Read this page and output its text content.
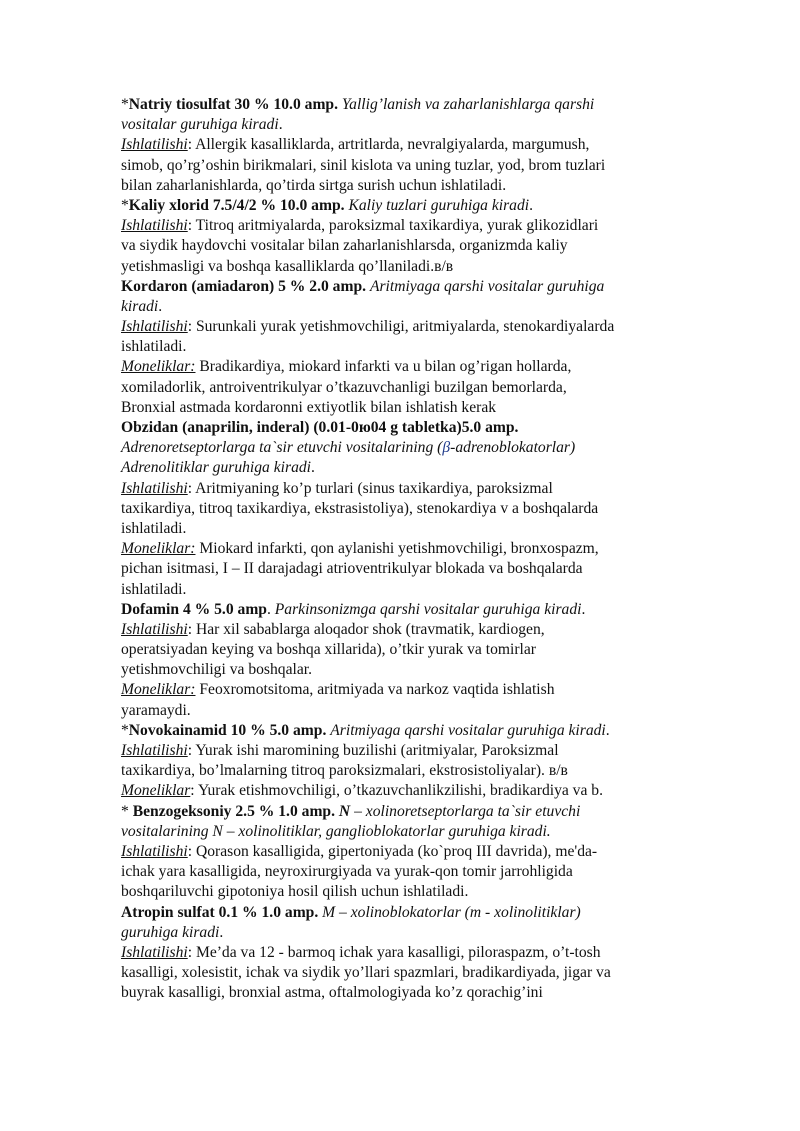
*Natriy tiosulfat 30 % 10.0 amp. Yallig’lanish va zaharlanishlarga qarshi
vositalar guruhiga kiradi.
Ishlatilishi: Allergik kasalliklarda, artritlarda, nevralgiyalarda, margumush,
simob, qo’rg’oshin birikmalari, sinil kislota va uning tuzlar, yod, brom tuzlari
bilan zaharlanishlarda, qo’tirda sirtga surish uchun ishlatiladi.
*Kaliy xlorid 7.5/4/2 % 10.0 amp. Kaliy tuzlari guruhiga kiradi.
Ishlatilishi: Titroq aritmiyalarda, paroksizmal taxikardiya, yurak glikozidlari
va siydik haydovchi vositalar bilan zaharlanishlarsda, organizmda kaliy
yetishmasligi va boshqa kasalliklarda qo’llaniladi.в/в
Kordaron (amiadaron) 5 % 2.0 amp. Aritmiyaga qarshi vositalar guruhiga
kiradi.
Ishlatilishi: Surunkali yurak yetishmovchiligi, aritmiyalarda, stenokardiyalarda
ishlatiladi.
Moneliklar: Bradikardiya, miokard infarkti va u bilan og’rigan hollarda,
xomiladorlik, antroiventrikulyar o’tkazuvchanligi buzilgan bemorlarda,
Bronxial astmada kordaronni extiyotlik bilan ishlatish kerak
Obzidan (anaprilin, inderal) (0.01-0ю04 g tabletka)5.0 amp.
Adrenoretseptorlarga ta`sir etuvchi vositalarining (β-adrenoblokatorlar)
Adrenolitiklar guruhiga kiradi.
Ishlatilishi: Aritmiyaning ko’p turlari (sinus taxikardiya, paroksizmal
taxikardiya, titroq taxikardiya, ekstrasistoliya), stenokardiya v a boshqalarda
ishlatiladi.
Moneliklar: Miokard infarkti, qon aylanishi yetishmovchiligi, bronxospazm,
pichan isitmasi, I – II darajadagi atrioventrikulyar blokada va boshqalarda
ishlatiladi.
Dofamin 4 % 5.0 amp. Parkinsonizmga qarshi vositalar guruhiga kiradi.
Ishlatilishi: Har xil sabablarga aloqador shok (travmatik, kardiogen,
operatsiyadan keying va boshqa xillarida), o’tkir yurak va tomirlar
yetishmovchiligi va boshqalar.
Moneliklar: Feoxromotsitoma, aritmiyada va narkoz vaqtida ishlatish
yaramaydi.
*Novokainamid 10 % 5.0 amp. Aritmiyaga qarshi vositalar guruhiga kiradi.
Ishlatilishi: Yurak ishi maromining buzilishi (aritmiyalar, Paroksizmal
taxikardiya, bo’lmalarning titroq paroksizmalari, ekstrosistoliyalar). в/в
Moneliklar: Yurak etishmovchiligi, o’tkazuvchanlikzilishi, bradikardiya va b.
* Benzogeksoniy 2.5 % 1.0 amp. N – xolinoretseptorlarga ta`sir etuvchi
vositalarining N – xolinolitiklar, ganglioblokatorlar guruhiga kiradi.
Ishlatilishi: Qorason kasalligida, gipertoniyada (ko`proq III davrida), me'da-
ichak yara kasalligida, neyroxirurgiyada va yurak-qon tomir jarrohligida
boshqariluvchi gipotoniya hosil qilish uchun ishlatiladi.
Atropin sulfat 0.1 % 1.0 amp. M – xolinoblokatorlar (m - xolinolitiklar)
guruhiga kiradi.
Ishlatilishi: Me’da va 12 - barmoq ichak yara kasalligi, piloraspazm, o’t-tosh
kasalligi, xolesistit, ichak va siydik yo’llari spazmlari, bradikardiyada, jigar va
buyrak kasalligi, bronxial astma, oftalmologiyada ko’z qorachig’ini
